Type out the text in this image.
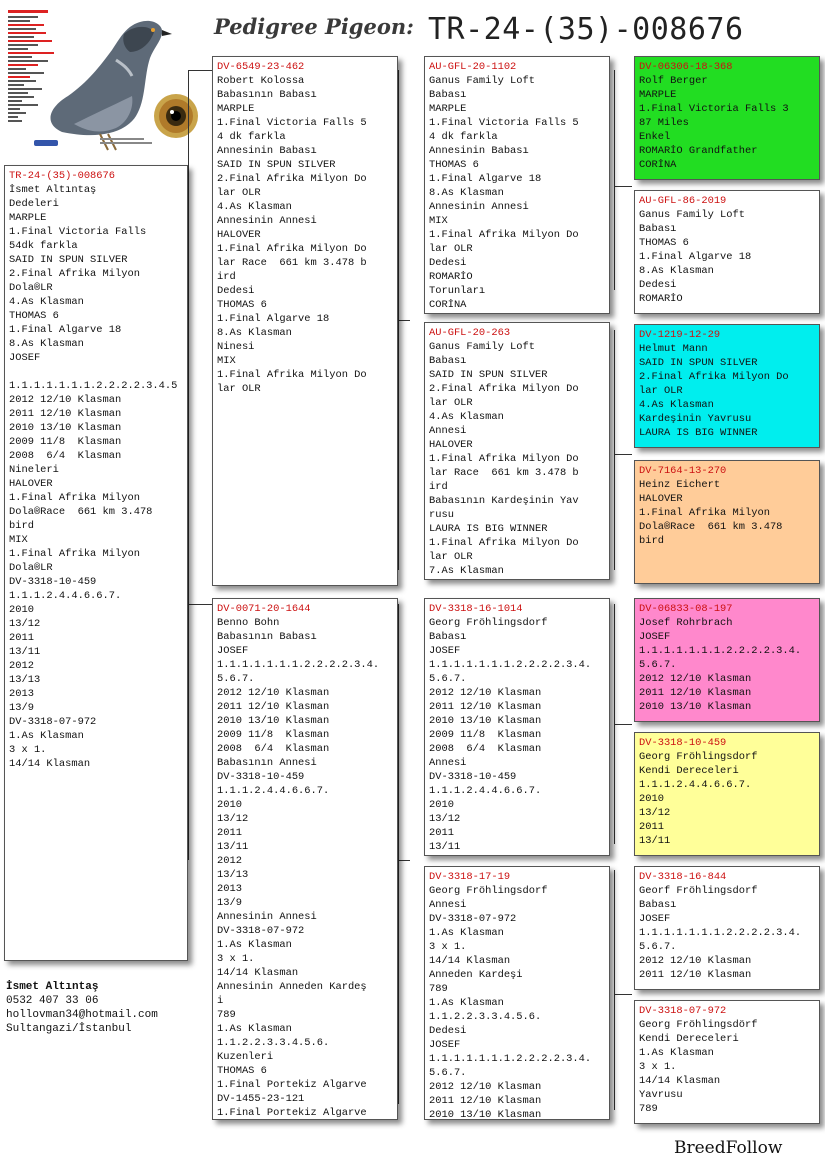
Pedigree Pigeon: TR-24-(35)-008676
TR-24-(35)-008676
İsmet Altıntaş
Dedeleri
MARPLE
1.Final Victoria Falls
54dk farkla
SAID IN SPUN SILVER
2.Final Afrika Milyon
Dola®LR
4.As Klasman
THOMAS 6
1.Final Algarve 18
8.As Klasman
JOSEF

1.1.1.1.1.1.1.2.2.2.2.3.4.5
2012 12/10 Klasman
2011 12/10 Klasman
2010 13/10 Klasman
2009 11/8  Klasman
2008  6/4  Klasman
Nineleri
HALOVER
1.Final Afrika Milyon
Dola®Race  661 km 3.478
bird
MIX
1.Final Afrika Milyon
Dola®LR
DV-3318-10-459
1.1.1.2.4.4.6.6.7.
2010
13/12
2011
13/11
2012
13/13
2013
13/9
DV-3318-07-972
1.As Klasman
3 x 1.
14/14 Klasman
DV-6549-23-462
Robert Kolossa
Babasının Babası
MARPLE
1.Final Victoria Falls 5
4 dk farkla
Annesinin Babası
SAID IN SPUN SILVER
2.Final Afrika Milyon Do
lar OLR
4.As Klasman
Annesinin Annesi
HALOVER
1.Final Afrika Milyon Do
lar Race  661 km 3.478 b
ird
Dedesi
THOMAS 6
1.Final Algarve 18
8.As Klasman
Ninesi
MIX
1.Final Afrika Milyon Do
lar OLR
DV-0071-20-1644
Benno Bohn
Babasının Babası
JOSEF
1.1.1.1.1.1.1.2.2.2.2.3.4.
5.6.7.
2012 12/10 Klasman
2011 12/10 Klasman
2010 13/10 Klasman
2009 11/8  Klasman
2008  6/4  Klasman
Babasının Annesi
DV-3318-10-459
1.1.1.2.4.4.6.6.7.
2010
13/12
2011
13/11
2012
13/13
2013
13/9
Annesinin Annesi
DV-3318-07-972
1.As Klasman
3 x 1.
14/14 Klasman
Annesinin Anneden Kardeş
i
789
1.As Klasman
1.1.2.2.3.3.4.5.6.
Kuzenleri
THOMAS 6
1.Final Portekiz Algarve
DV-1455-23-121
1.Final Portekiz Algarve
AU-GFL-20-1102
Ganus Family Loft
Babası
MARPLE
1.Final Victoria Falls 5
4 dk farkla
Annesinin Babası
THOMAS 6
1.Final Algarve 18
8.As Klasman
Annesinin Annesi
MIX
1.Final Afrika Milyon Do
lar OLR
Dedesi
ROMARİO
Torunları
CORİNA
AU-GFL-20-263
Ganus Family Loft
Babası
SAID IN SPUN SILVER
2.Final Afrika Milyon Do
lar OLR
4.As Klasman
Annesi
HALOVER
1.Final Afrika Milyon Do
lar Race  661 km 3.478 b
ird
Babasının Kardeşinin Yav
rusu
LAURA IS BIG WINNER
1.Final Afrika Milyon Do
lar OLR
7.As Klasman
DV-3318-16-1014
Georg Fröhlingsdorf
Babası
JOSEF
1.1.1.1.1.1.1.2.2.2.2.3.4.
5.6.7.
2012 12/10 Klasman
2011 12/10 Klasman
2010 13/10 Klasman
2009 11/8  Klasman
2008  6/4  Klasman
Annesi
DV-3318-10-459
1.1.1.2.4.4.6.6.7.
2010
13/12
2011
13/11
DV-3318-17-19
Georg Fröhlingsdorf
Annesi
DV-3318-07-972
1.As Klasman
3 x 1.
14/14 Klasman
Anneden Kardeşi
789
1.As Klasman
1.1.2.2.3.3.4.5.6.
Dedesi
JOSEF
1.1.1.1.1.1.1.2.2.2.2.3.4.
5.6.7.
2012 12/10 Klasman
2011 12/10 Klasman
2010 13/10 Klasman
DV-06306-18-368
Rolf Berger
MARPLE
1.Final Victoria Falls 3
87 Miles
Enkel
ROMARİO Grandfather
CORİNA
AU-GFL-86-2019
Ganus Family Loft
Babası
THOMAS 6
1.Final Algarve 18
8.As Klasman
Dedesi
ROMARİO
DV-1219-12-29
Helmut Mann
SAID IN SPUN SILVER
2.Final Afrika Milyon Do
lar OLR
4.As Klasman
Kardeşinin Yavrusu
LAURA IS BIG WINNER
DV-7164-13-270
Heinz Eichert
HALOVER
1.Final Afrika Milyon
Dola®Race  661 km 3.478
bird
DV-06833-08-197
Josef Rohrbrach
JOSEF
1.1.1.1.1.1.1.2.2.2.2.3.4.
5.6.7.
2012 12/10 Klasman
2011 12/10 Klasman
2010 13/10 Klasman
DV-3318-10-459
Georg Fröhlingsdorf
Kendi Dereceleri
1.1.1.2.4.4.6.6.7.
2010
13/12
2011
13/11
DV-3318-16-844
Georf Fröhlingsdorf
Babası
JOSEF
1.1.1.1.1.1.1.2.2.2.2.3.4.
5.6.7.
2012 12/10 Klasman
2011 12/10 Klasman
DV-3318-07-972
Georg Fröhlingsdörf
Kendi Dereceleri
1.As Klasman
3 x 1.
14/14 Klasman
Yavrusu
789
İsmet Altıntaş
0532 407 33 06
hollovman34@hotmail.com
Sultangazi/İstanbul
BreedFollow
